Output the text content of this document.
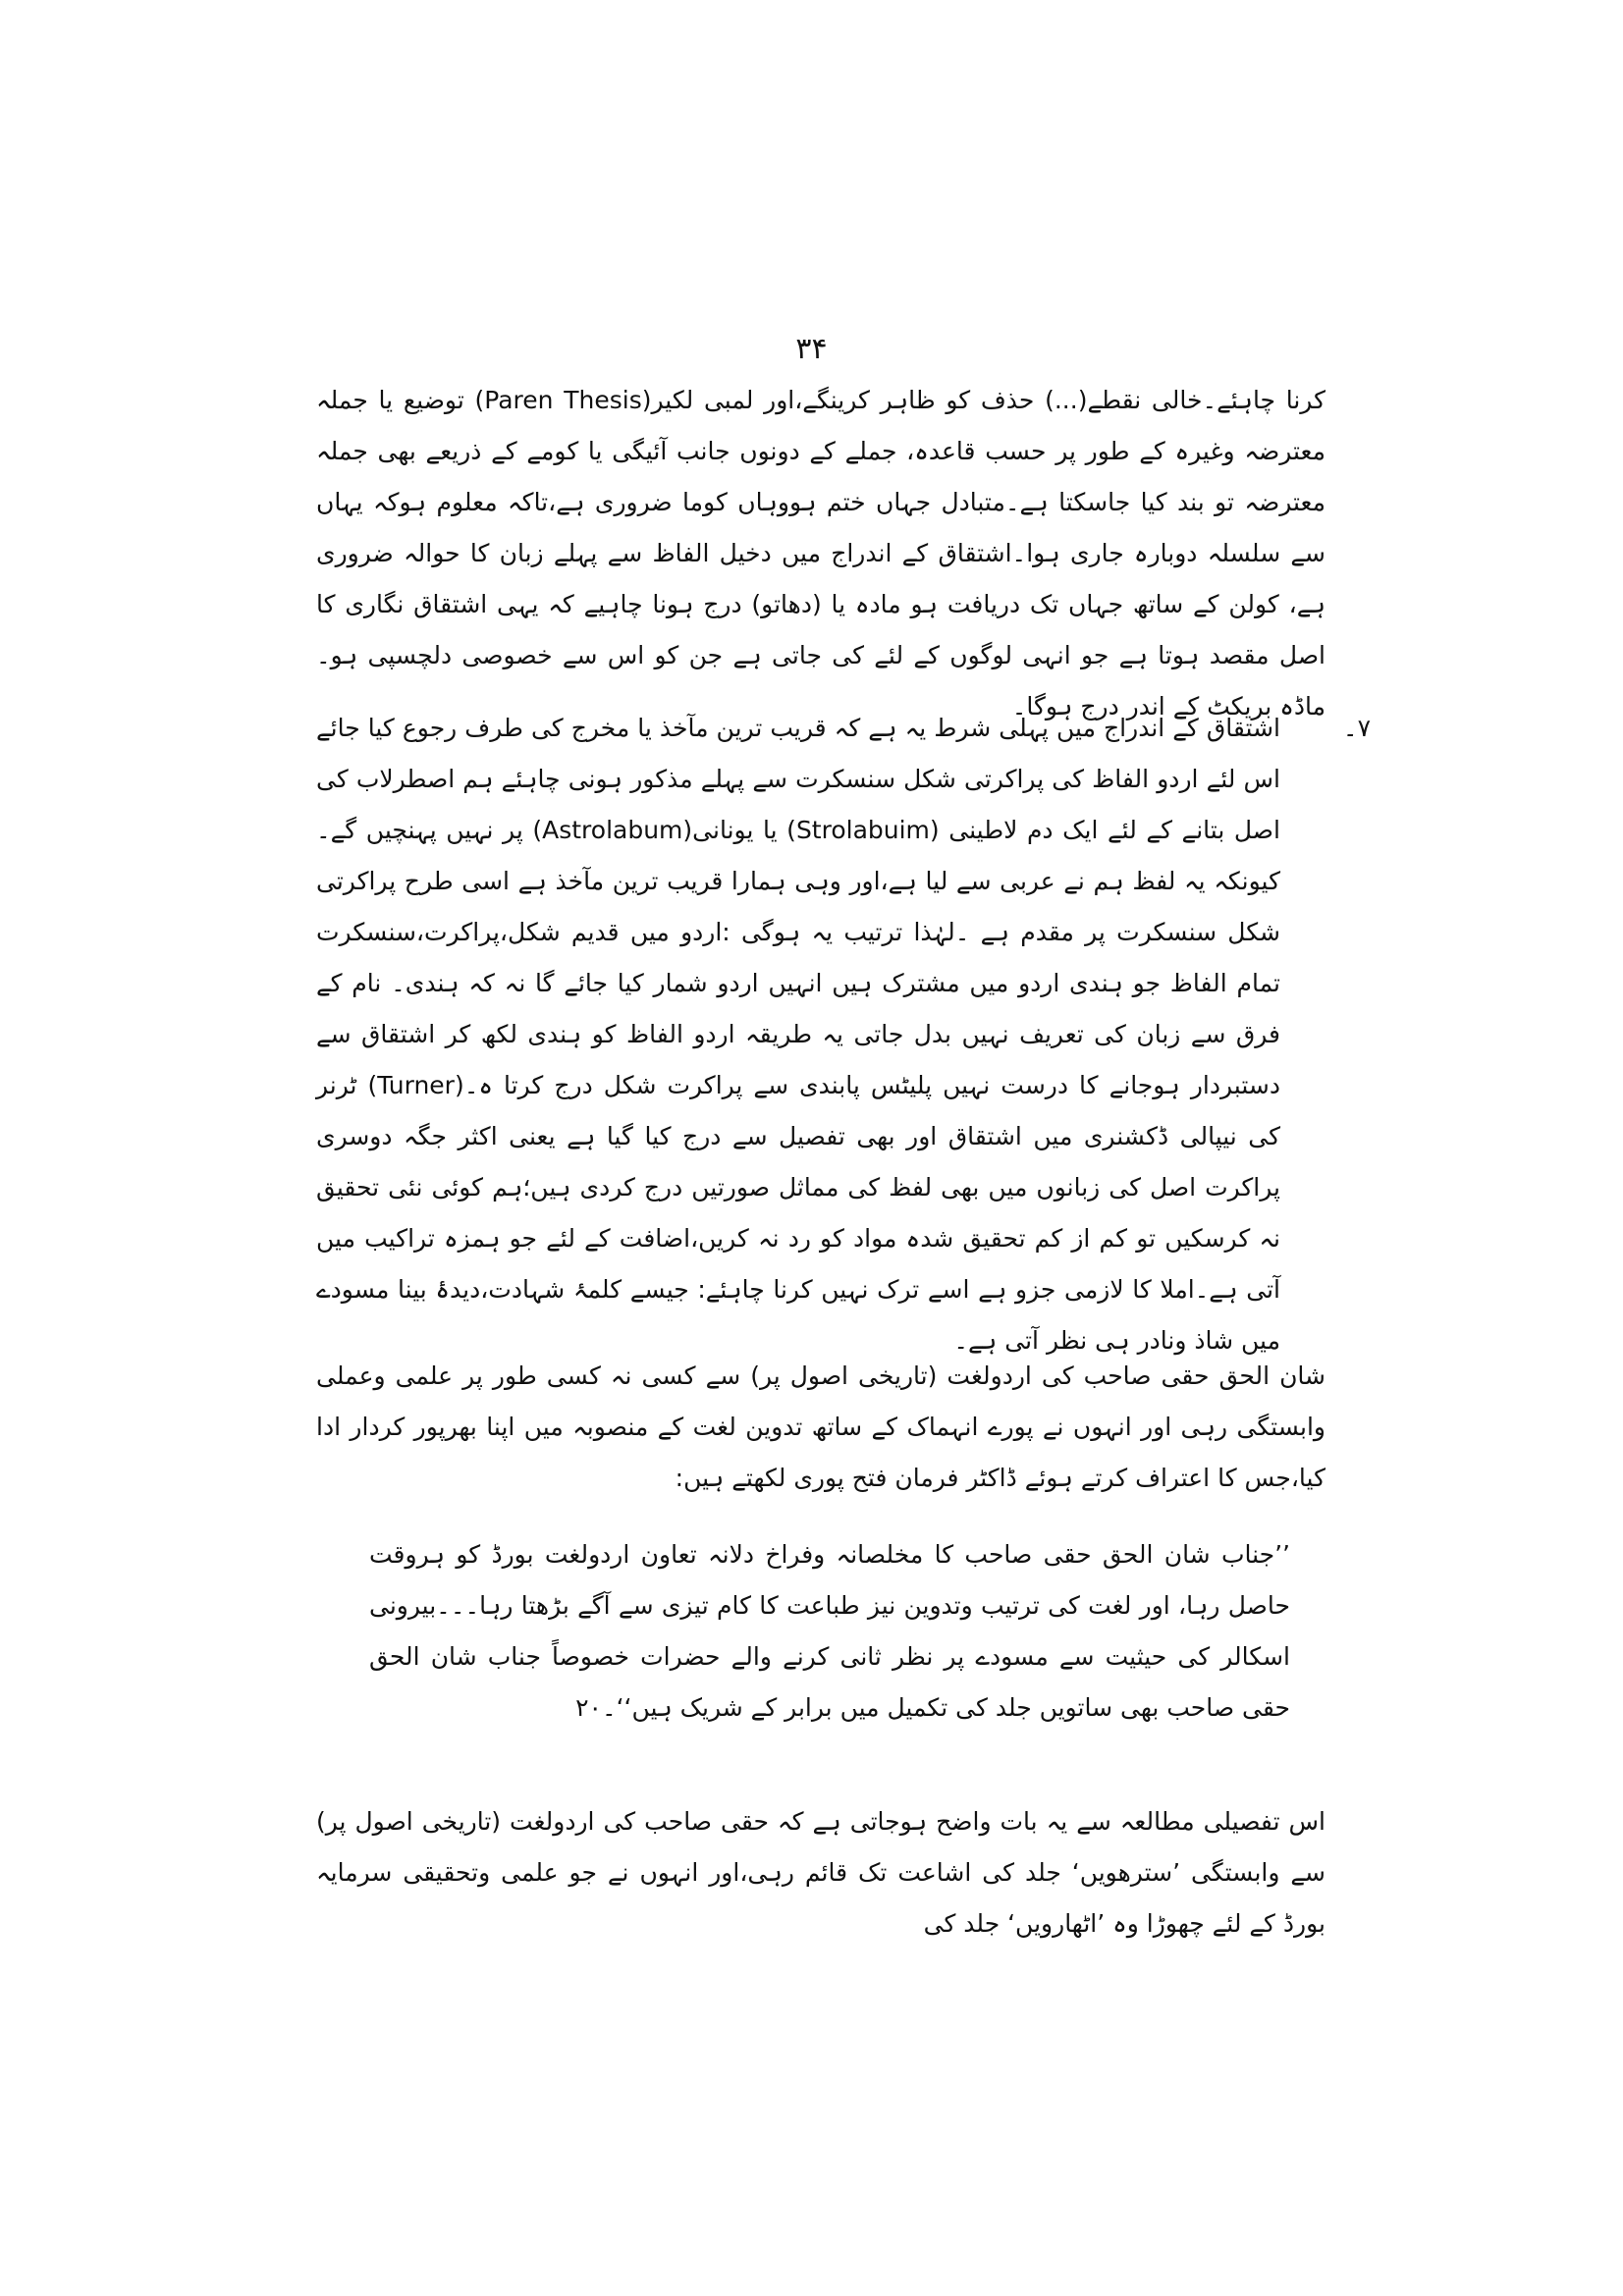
۳۴

کرنا چاہئے۔خالی نقطے(...) حذف کو ظاہر کرینگے،اور لمبی لکیر(Paren Thesis) توضیع یا جملہ معترضہ وغیرہ کے طور پر حسب قاعدہ، جملے کے دونوں جانب آئیگی یا کومے کے ذریعے بھی جملہ معترضہ تو بند کیا جاسکتا ہے۔متبادل جہاں ختم ہووہاں کوما ضروری ہے،تاکہ معلوم ہوکہ یہاں سے سلسلہ دوبارہ جاری ہوا۔اشتقاق کے اندراج میں دخیل الفاظ سے پہلے زبان کا حوالہ ضروری ہے، کولن کے ساتھ جہاں تک دریافت ہو مادہ یا (دھاتو) درج ہونا چاہیے کہ یہی اشتقاق نگاری کا اصل مقصد ہوتا ہے جو انہی لوگوں کے لئے کی جاتی ہے جن کو اس سے خصوصی دلچسپی ہو۔ماڈہ بریکٹ کے اندر درج ہوگا۔

۷۔اشتقاق کے اندراج میں پہلی شرط یہ ہے کہ قریب ترین مآخذ یا مخرج کی طرف رجوع کیا جائے اس لئے اردو الفاظ کی پراکرتی شکل سنسکرت سے پہلے مذکور ہونی چاہئے ہم اصطرلاب کی اصل بتانے کے لئے ایک دم لاطینی (Strolabuim) یا یونانی(Astrolabum) پر نہیں پہنچیں گے۔ کیونکہ یہ لفظ ہم نے عربی سے لیا ہے،اور وہی ہمارا قریب ترین مآخذ ہے اسی طرح پراکرتی شکل سنسکرت پر مقدم ہے ۔لہٰذا ترتیب یہ ہوگی :اردو میں قدیم شکل،پراکرت،سنسکرت تمام الفاظ جو ہندی اردو میں مشترک ہیں انہیں اردو شمار کیا جائے گا نہ کہ ہندی۔ نام کے فرق سے زبان کی تعریف نہیں بدل جاتی یہ طریقہ اردو الفاظ کو ہندی لکھ کر اشتقاق سے دستبردار ہوجانے کا درست نہیں پلیٹس پابندی سے پراکرت شکل درج کرتا ہ۔(Turner) ٹرنر کی نیپالی ڈکشنری میں اشتقاق اور بھی تفصیل سے درج کیا گیا ہے یعنی اکثر جگہ دوسری پراکرت اصل کی زبانوں میں بھی لفظ کی مماثل صورتیں درج کردی ہیں؛ہم کوئی نئی تحقیق نہ کرسکیں تو کم از کم تحقیق شدہ مواد کو رد نہ کریں،اضافت کے لئے جو ہمزہ تراکیب میں آتی ہے۔املا کا لازمی جزو ہے اسے ترک نہیں کرنا چاہئے: جیسے کلمۂ شہادت،دیدۂ بینا مسودے میں شاذ ونادر ہی نظر آتی ہے۔

شان الحق حقی صاحب کی اردولغت (تاریخی اصول پر) سے کسی نہ کسی طور پر علمی وعملی وابستگی رہی اور انہوں نے پورے انہماک کے ساتھ تدوین لغت کے منصوبہ میں اپنا بھرپور کردار ادا کیا،جس کا اعتراف کرتے ہوئے ڈاکٹر فرمان فتح پوری لکھتے ہیں:

’’جناب شان الحق حقی صاحب کا مخلصانہ وفراخ دلانہ تعاون اردولغت بورڈ کو ہروقت حاصل رہا، اور لغت کی ترتیب وتدوین نیز طباعت کا کام تیزی سے آگے بڑھتا رہا۔۔۔بیرونی اسکالر کی حیثیت سے مسودے پر نظر ثانی کرنے والے حضرات خصوصاً جناب شان الحق حقی صاحب بھی ساتویں جلد کی تکمیل میں برابر کے شریک ہیں‘‘۔۲۰

اس تفصیلی مطالعہ سے یہ بات واضح ہوجاتی ہے کہ حقی صاحب کی اردولغت (تاریخی اصول پر) سے وابستگی ’سترھویں‘ جلد کی اشاعت تک قائم رہی،اور انہوں نے جو علمی وتحقیقی سرمایہ بورڈ کے لئے چھوڑا وہ ’اٹھارویں‘ جلد کی
